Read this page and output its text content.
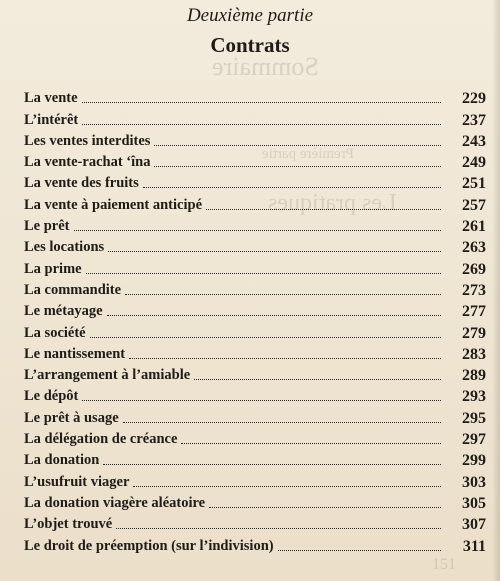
Sommaire
Première partie
Les pratiques
151
Deuxième partie
Contrats
La vente	229
L’intérêt	237
Les ventes interdites	243
La vente-rachat ‘îna	249
La vente des fruits	251
La vente à paiement anticipé	257
Le prêt	261
Les locations	263
La prime	269
La commandite	273
Le métayage	277
La société	279
Le nantissement	283
L’arrangement à l’amiable	289
Le dépôt	293
Le prêt à usage	295
La délégation de créance	297
La donation	299
L’usufruit viager	303
La donation viagère aléatoire	305
L’objet trouvé	307
Le droit de préemption (sur l’indivision)	311
